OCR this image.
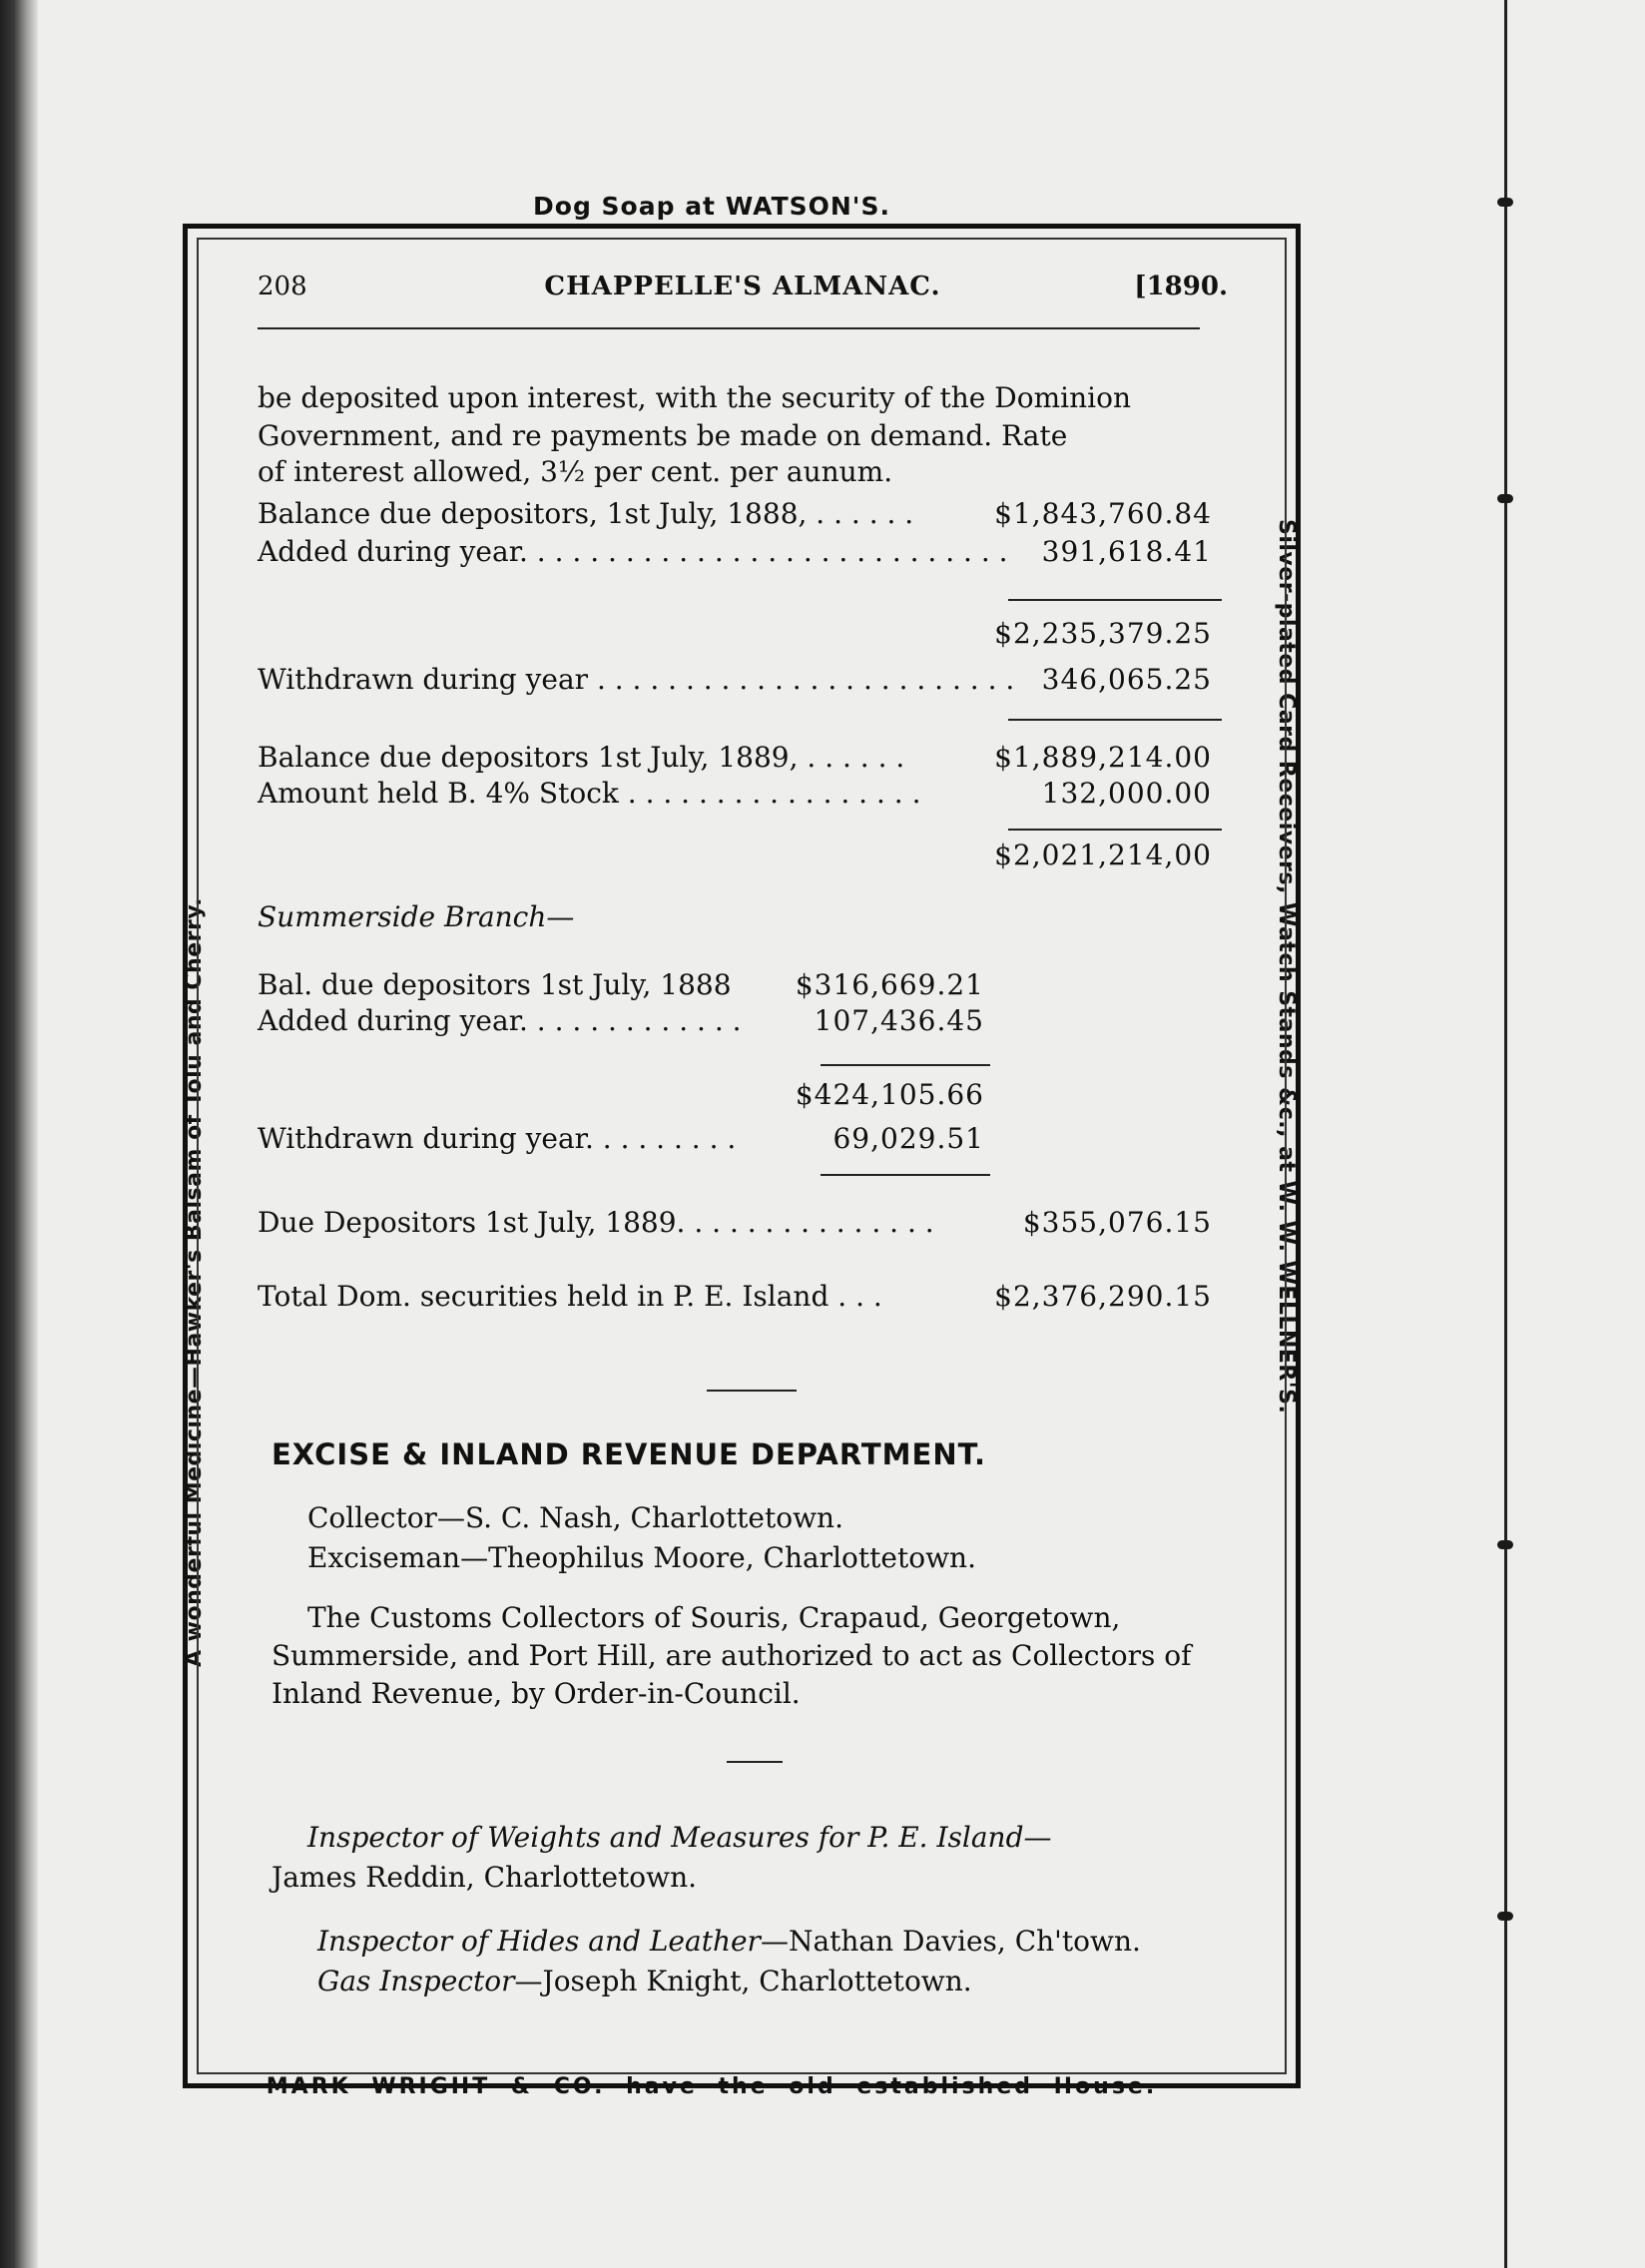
Dog Soap at WATSON'S.
MARK WRIGHT & CO. have the old established House.
A wonderful Medicine—Hawker's Balsam of Tolu and Cherry.	Silver-plated Card Receivers, Watch Stands &c., at W. W. WELLNER'S.
208	CHAPPELLE'S ALMANAC.	[1890.
be deposited upon interest, with the security of the Dominion
Government, and re payments be made on demand. Rate
of interest allowed, 3½ per cent. per aunum.
Balance due depositors, 1st July, 1888, . . . . . .	$1,843,760.84
Added during year. . . . . . . . . . . . . . . . . . . . . . . . . . . . 391,618.41
$2,235,379.25
Withdrawn during year . . . . . . . . . . . . . . . . . . . . . . . . 346,065.25
Balance due depositors 1st July, 1889, . . . . . .	$1,889,214.00
Amount held B. 4% Stock . . . . . . . . . . . . . . . . .	132,000.00
$2,021,214,00
Summerside Branch—
Bal. due depositors 1st July, 1888 $316,669.21
Added during year. . . . . . . . . . . . .	107,436.45
$424,105.66
Withdrawn during year. . . . . . . . .	69,029.51
Due Depositors 1st July, 1889. . . . . . . . . . . . . . .	$355,076.15
Total Dom. securities held in P. E. Island . . .	$2,376,290.15
EXCISE & INLAND REVENUE DEPARTMENT.
Collector—S. C. Nash, Charlottetown.
Exciseman—Theophilus Moore, Charlottetown.

The Customs Collectors of Souris, Crapaud, Georgetown, Summerside, and Port Hill, are authorized to act as Collectors of Inland Revenue, by Order-in-Council.

Inspector of Weights and Measures for P. E. Island—
James Reddin, Charlottetown.
Inspector of Hides and Leather—Nathan Davies, Ch'town.
Gas Inspector—Joseph Knight, Charlottetown.
